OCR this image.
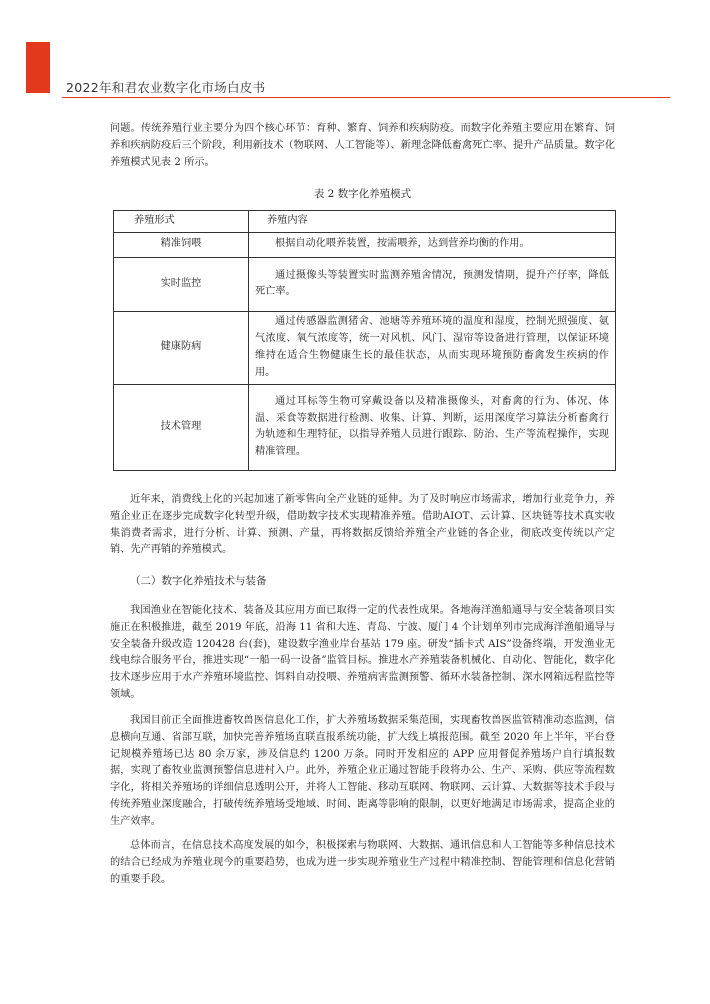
2022年和君农业数字化市场白皮书

问题。传统养殖行业主要分为四个核心环节：育种、繁育、饲养和疾病防疫。而数字化养殖主要应用在繁育、饲养和疾病防疫后三个阶段，利用新技术（物联网、人工智能等）、新理念降低畜禽死亡率、提升产品质量。数字化养殖模式见表 2 所示。

表 2 数字化养殖模式
养殖形式	养殖内容
精准饲喂	根据自动化喂养装置，按需喂养，达到营养均衡的作用。
实时监控	通过摄像头等装置实时监测养殖舍情况，预测发情期，提升产仔率，降低死亡率。
健康防病	通过传感器监测猪舍、池塘等养殖环境的温度和湿度，控制光照强度、氨气浓度、氧气浓度等，统一对风机、风门、湿帘等设备进行管理，以保证环境维持在适合生物健康生长的最佳状态，从而实现环境预防畜禽发生疾病的作用。
技术管理	通过耳标等生物可穿戴设备以及精准摄像头，对畜禽的行为、体况、体温、采食等数据进行检测、收集、计算、判断，运用深度学习算法分析畜禽行为轨迹和生理特征，以指导养殖人员进行跟踪、防治、生产等流程操作，实现精准管理。

近年来，消费线上化的兴起加速了新零售向全产业链的延伸。为了及时响应市场需求，增加行业竞争力，养殖企业正在逐步完成数字化转型升级，借助数字技术实现精准养殖。借助AIOT、云计算、区块链等技术真实收集消费者需求，进行分析、计算、预测、产量，再将数据反馈给养殖全产业链的各企业，彻底改变传统以产定销、先产再销的养殖模式。

（二）数字化养殖技术与装备

我国渔业在智能化技术、装备及其应用方面已取得一定的代表性成果。各地海洋渔船通导与安全装备项目实施正在积极推进，截至 2019 年底，沿海 11 省和大连、青岛、宁波、厦门 4 个计划单列市完成海洋渔船通导与安全装备升级改造 120428 台(套)，建设数字渔业岸台基站 179 座。研发“插卡式 AIS”设备终端，开发渔业无线电综合服务平台，推进实现“一船一码一设备”监管目标。推进水产养殖装备机械化、自动化、智能化，数字化技术逐步应用于水产养殖环境监控、饵料自动投喂、养殖病害监测预警、循环水装备控制、深水网箱远程监控等领域。

我国目前正全面推进畜牧兽医信息化工作，扩大养殖场数据采集范围，实现畜牧兽医监管精准动态监测，信息横向互通、省部互联，加快完善养殖场直联直报系统功能，扩大线上填报范围。截至 2020 年上半年，平台登记规模养殖场已达 80 余万家，涉及信息约 1200 万条。同时开发相应的 APP 应用督促养殖场户自行填报数据，实现了畜牧业监测预警信息进村入户。此外，养殖企业正通过智能手段将办公、生产、采购、供应等流程数字化，将相关养殖场的详细信息透明公开，并将人工智能、移动互联网、物联网、云计算、大数据等技术手段与传统养殖业深度融合，打破传统养殖场受地域、时间、距离等影响的限制，以更好地满足市场需求，提高企业的生产效率。

总体而言，在信息技术高度发展的如今，积极探索与物联网、大数据、通讯信息和人工智能等多种信息技术的结合已经成为养殖业现今的重要趋势，也成为进一步实现养殖业生产过程中精准控制、智能管理和信息化营销的重要手段。
